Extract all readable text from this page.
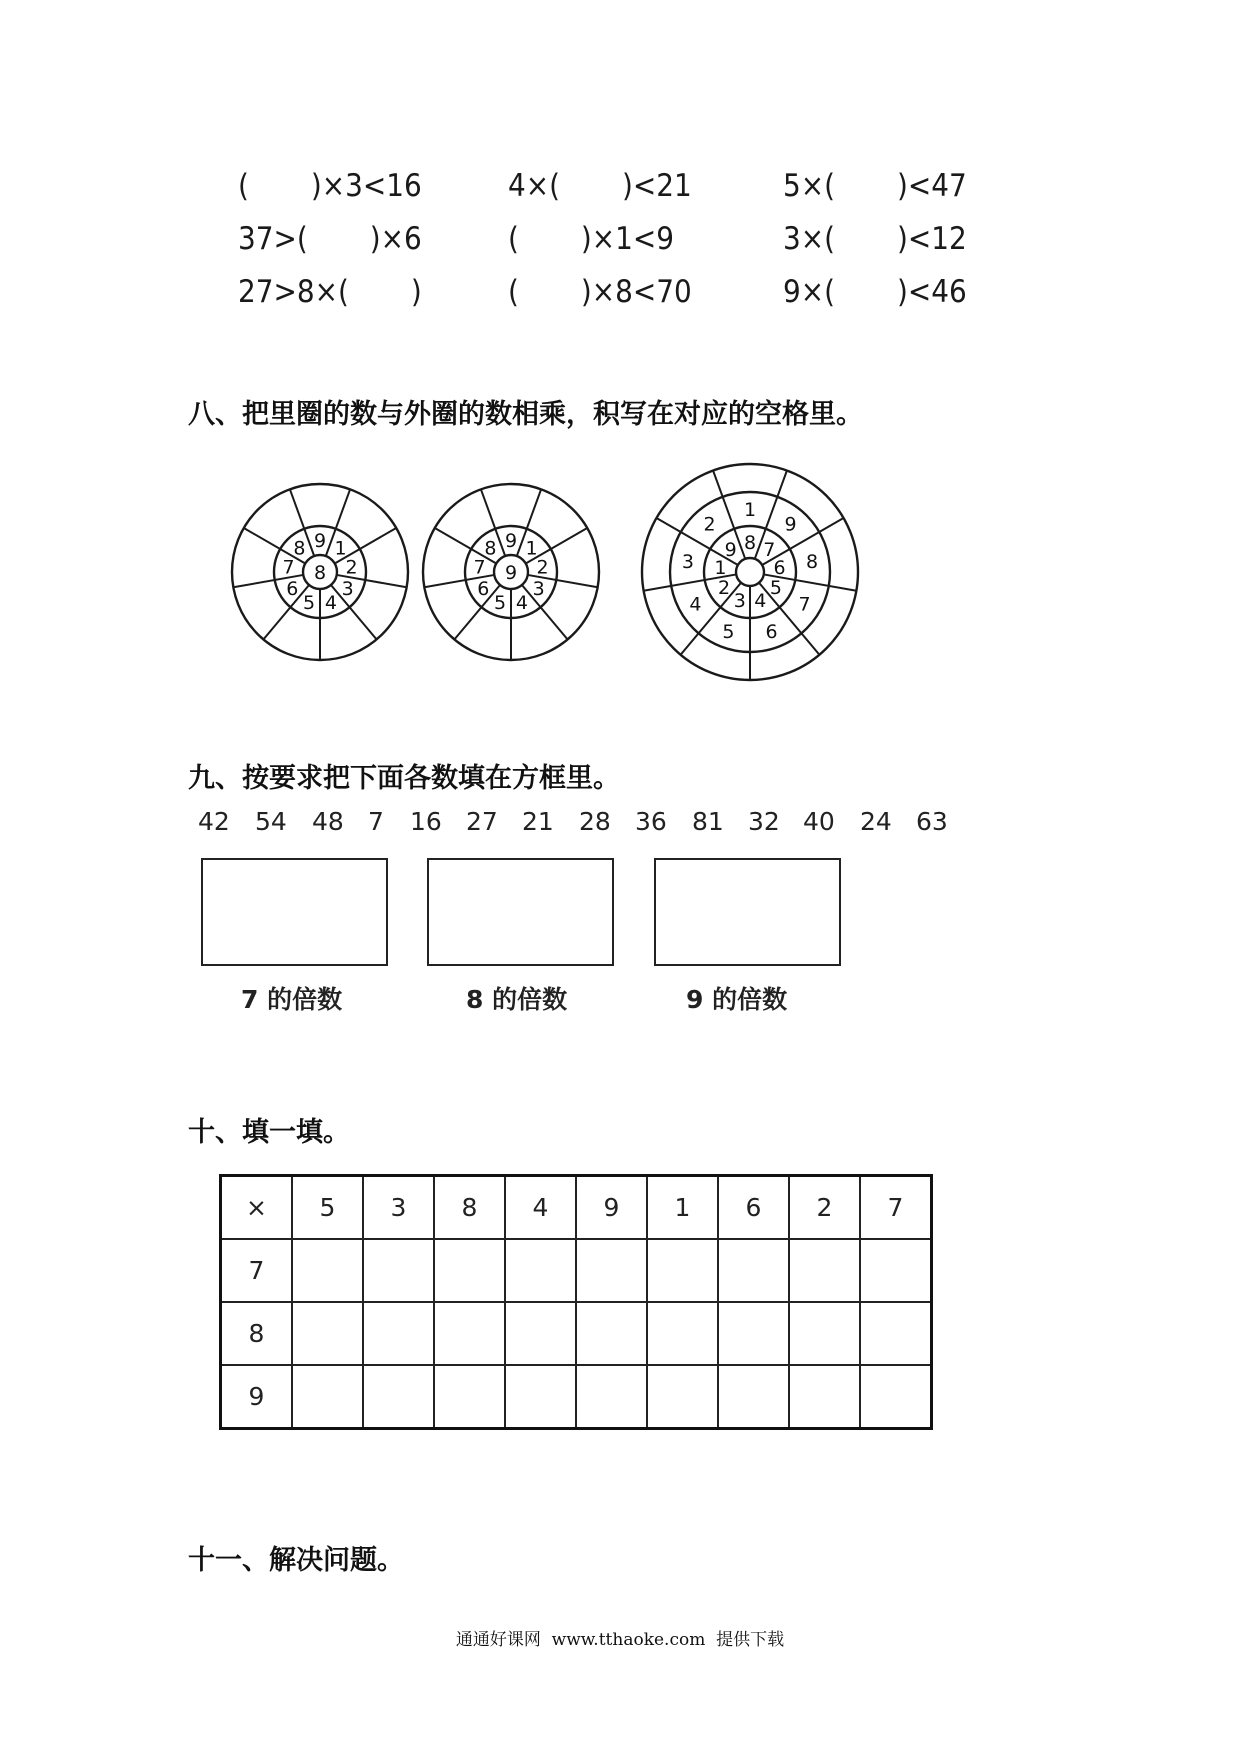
(　　)×3<16	4×(　　)<21	5×(　　)<47
37>(　　)×6	(　　)×1<9	3×(　　)<12
27>8×(　　)	(　　)×8<70	9×(　　)<46
八、把里圈的数与外圈的数相乘，积写在对应的空格里。
8
9 1
2
3
4
5
6
7
8
9
9 1
2
3
4
5
6
7
8	8 7
6
5
4
3
2
1
9
1
9
8
7
6
5
4
3
2
九、按要求把下面各数填在方框里。
42 54 48 7 16 27 21 28 36 81 32 40 24 63
7 的倍数	8 的倍数	9 的倍数
十、填一填。
×	5	3	8	4	9	1	6	2	7
7									
8									
9									
十一、解决问题。
通通好课网  www.tthaoke.com  提供下载
